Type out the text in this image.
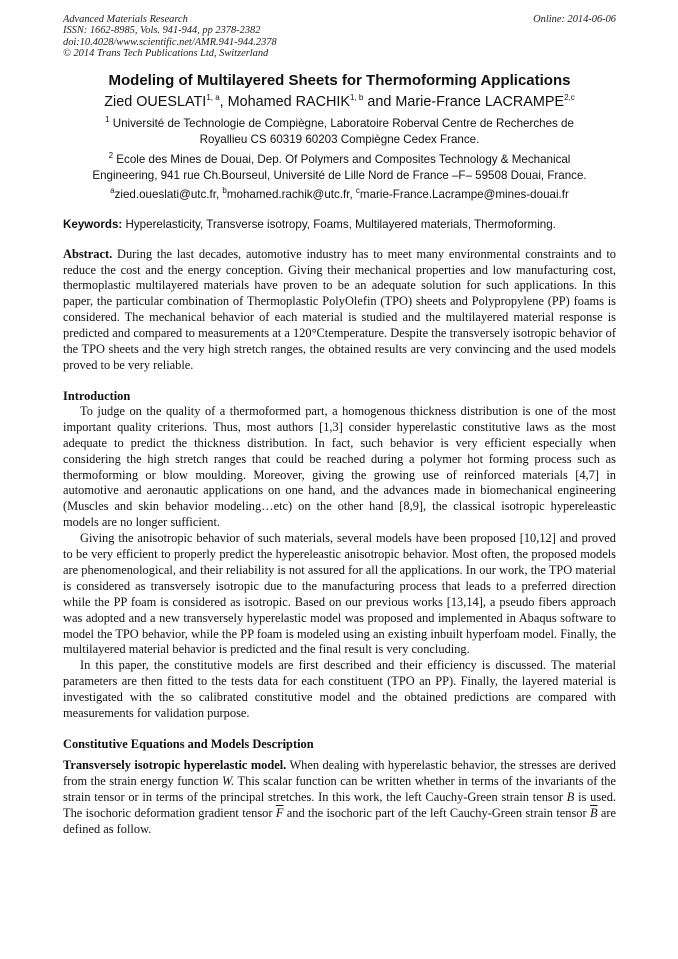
Advanced Materials Research
ISSN: 1662-8985, Vols. 941-944, pp 2378-2382
doi:10.4028/www.scientific.net/AMR.941-944.2378
© 2014 Trans Tech Publications Ltd, Switzerland
Online: 2014-06-06
Modeling of Multilayered Sheets for Thermoforming Applications
Zied OUESLATI$^{1, a}$, Mohamed RACHIK$^{1, b}$ and Marie-France LACRAMPE$^{2,c}$
$^1$ Université de Technologie de Compiègne, Laboratoire Roberval Centre de Recherches de
Royallieu CS 60319 60203 Compiègne Cedex France.
$^2$ Ecole des Mines de Douai, Dep. Of Polymers and Composites Technology & Mechanical
Engineering, 941 rue Ch.Bourseul, Université de Lille Nord de France –F– 59508 Douai, France.
$^a$zied.oueslati@utc.fr, $^b$mohamed.rachik@utc.fr, $^c$marie-France.Lacrampe@mines-douai.fr
Keywords: Hyperelasticity, Transverse isotropy, Foams, Multilayered materials, Thermoforming.

Abstract. During the last decades, automotive industry has to meet many environmental constraints and to reduce the cost and the energy conception. Giving their mechanical properties and low manufacturing cost, thermoplastic multilayered materials have proven to be an adequate solution for such applications. In this paper, the particular combination of Thermoplastic PolyOlefin (TPO) sheets and Polypropylene (PP) foams is considered. The mechanical behavior of each material is studied and the multilayered material response is predicted and compared to measurements at a 120°Ctemperature. Despite the transversely isotropic behavior of the TPO sheets and the very high stretch ranges, the obtained results are very convincing and the used models proved to be very reliable.

Introduction

To judge on the quality of a thermoformed part, a homogenous thickness distribution is one of the most important quality criterions. Thus, most authors [1,3] consider hyperelastic constitutive laws as the most adequate to predict the thickness distribution. In fact, such behavior is very efficient especially when considering the high stretch ranges that could be reached during a polymer hot forming process such as thermoforming or blow moulding. Moreover, giving the growing use of reinforced materials [4,7] in automotive and aeronautic applications on one hand, and the advances made in biomechanical engineering (Muscles and skin behavior modeling…etc) on the other hand [8,9], the classical isotropic hypereleastic models are no longer sufficient.

Giving the anisotropic behavior of such materials, several models have been proposed [10,12] and proved to be very efficient to properly predict the hypereleastic anisotropic behavior. Most often, the proposed models are phenomenological, and their reliability is not assured for all the applications. In our work, the TPO material is considered as transversely isotropic due to the manufacturing process that leads to a preferred direction while the PP foam is considered as isotropic. Based on our previous works [13,14], a pseudo fibers approach was adopted and a new transversely hyperelastic model was proposed and implemented in Abaqus software to model the TPO behavior, while the PP foam is modeled using an existing inbuilt hyperfoam model. Finally, the multilayered material behavior is predicted and the final result is very concluding.

In this paper, the constitutive models are first described and their efficiency is discussed. The material parameters are then fitted to the tests data for each constituent (TPO an PP). Finally, the layered material is investigated with the so calibrated constitutive model and the obtained predictions are compared with measurements for validation purpose.

Constitutive Equations and Models Description

Transversely isotropic hyperelastic model. When dealing with hyperelastic behavior, the stresses are derived from the strain energy function W. This scalar function can be written whether in terms of the invariants of the strain tensor or in terms of the principal stretches. In this work, the left Cauchy-Green strain tensor B is used. The isochoric deformation gradient tensor $\overline{F}$ and the isochoric part of the left Cauchy-Green strain tensor $\overline{B}$ are defined as follow.
